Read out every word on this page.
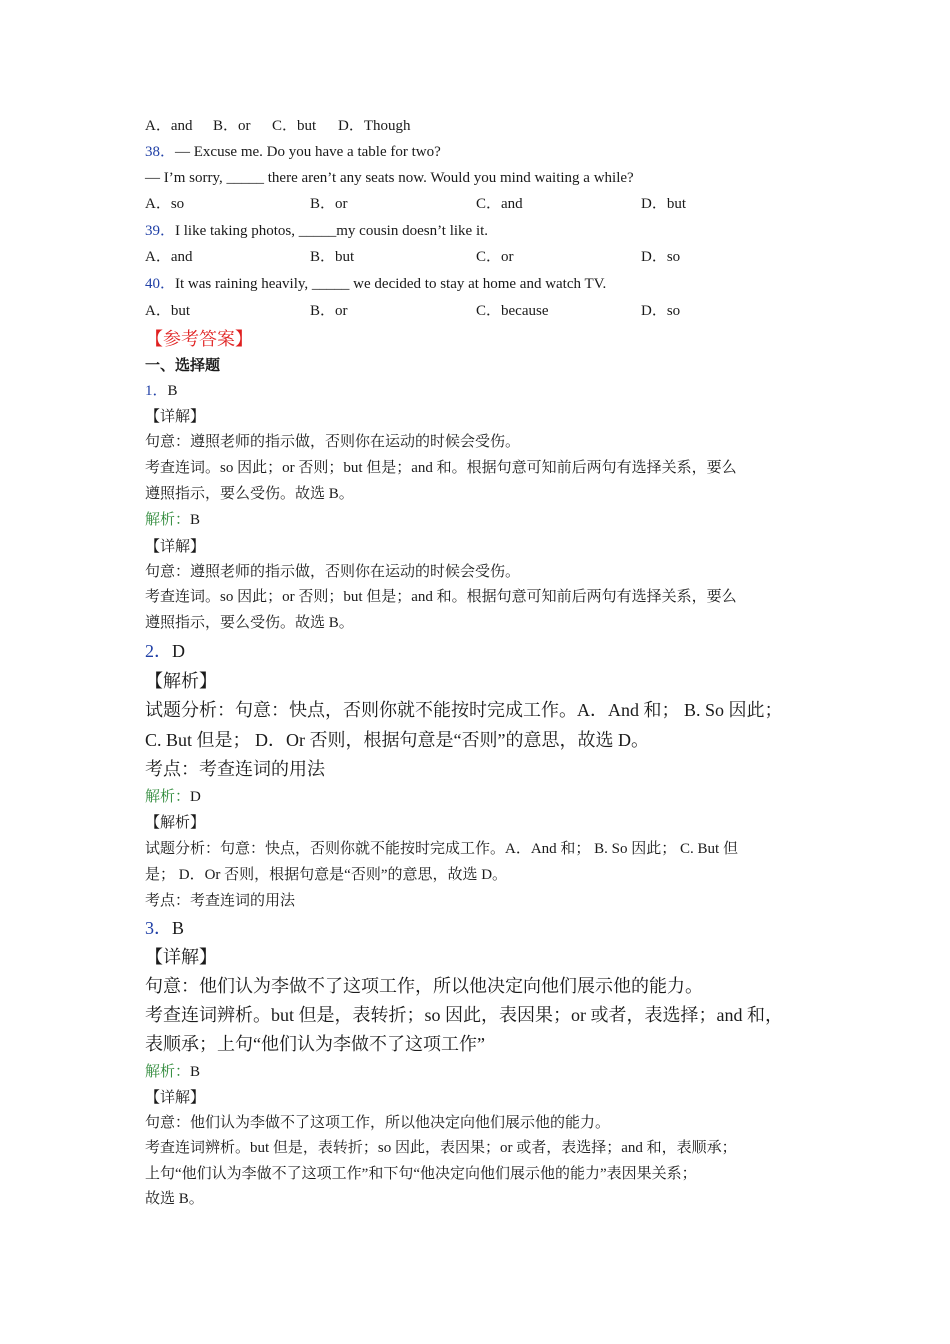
A．and B．or C．but D．Though
38．— Excuse me. Do you have a table for two?
— I’m sorry, _____ there aren’t any seats now. Would you mind waiting a while?
A．so	B．or	C．and	D．but
39．I like taking photos, _____my cousin doesn’t like it.
A．and	B．but	C．or	D．so
40．It was raining heavily, _____ we decided to stay at home and watch TV.
A．but	B．or	C．because	D．so
【参考答案】
一、选择题
1．B
【详解】
句意：遵照老师的指示做，否则你在运动的时候会受伤。
考查连词。so 因此；or 否则；but 但是；and 和。根据句意可知前后两句有选择关系，要么
遵照指示，要么受伤。故选 B。
解析：B
【详解】
句意：遵照老师的指示做，否则你在运动的时候会受伤。
考查连词。so 因此；or 否则；but 但是；and 和。根据句意可知前后两句有选择关系，要么
遵照指示，要么受伤。故选 B。
2．D
【解析】
试题分析：句意：快点，否则你就不能按时完成工作。A．And 和； B. So 因此；
C. But 但是； D．Or 否则，根据句意是“否则”的意思，故选 D。
考点：考查连词的用法
解析：D
【解析】
试题分析：句意：快点，否则你就不能按时完成工作。A．And 和； B. So 因此； C. But 但
是； D．Or 否则，根据句意是“否则”的意思，故选 D。
考点：考查连词的用法
3．B
【详解】
句意：他们认为李做不了这项工作，所以他决定向他们展示他的能力。
考查连词辨析。but 但是，表转折；so 因此，表因果；or 或者，表选择；and 和，
表顺承；上句“他们认为李做不了这项工作”
解析：B
【详解】
句意：他们认为李做不了这项工作，所以他决定向他们展示他的能力。
考查连词辨析。but 但是，表转折；so 因此，表因果；or 或者，表选择；and 和，表顺承；
上句“他们认为李做不了这项工作”和下句“他决定向他们展示他的能力”表因果关系；
故选 B。
